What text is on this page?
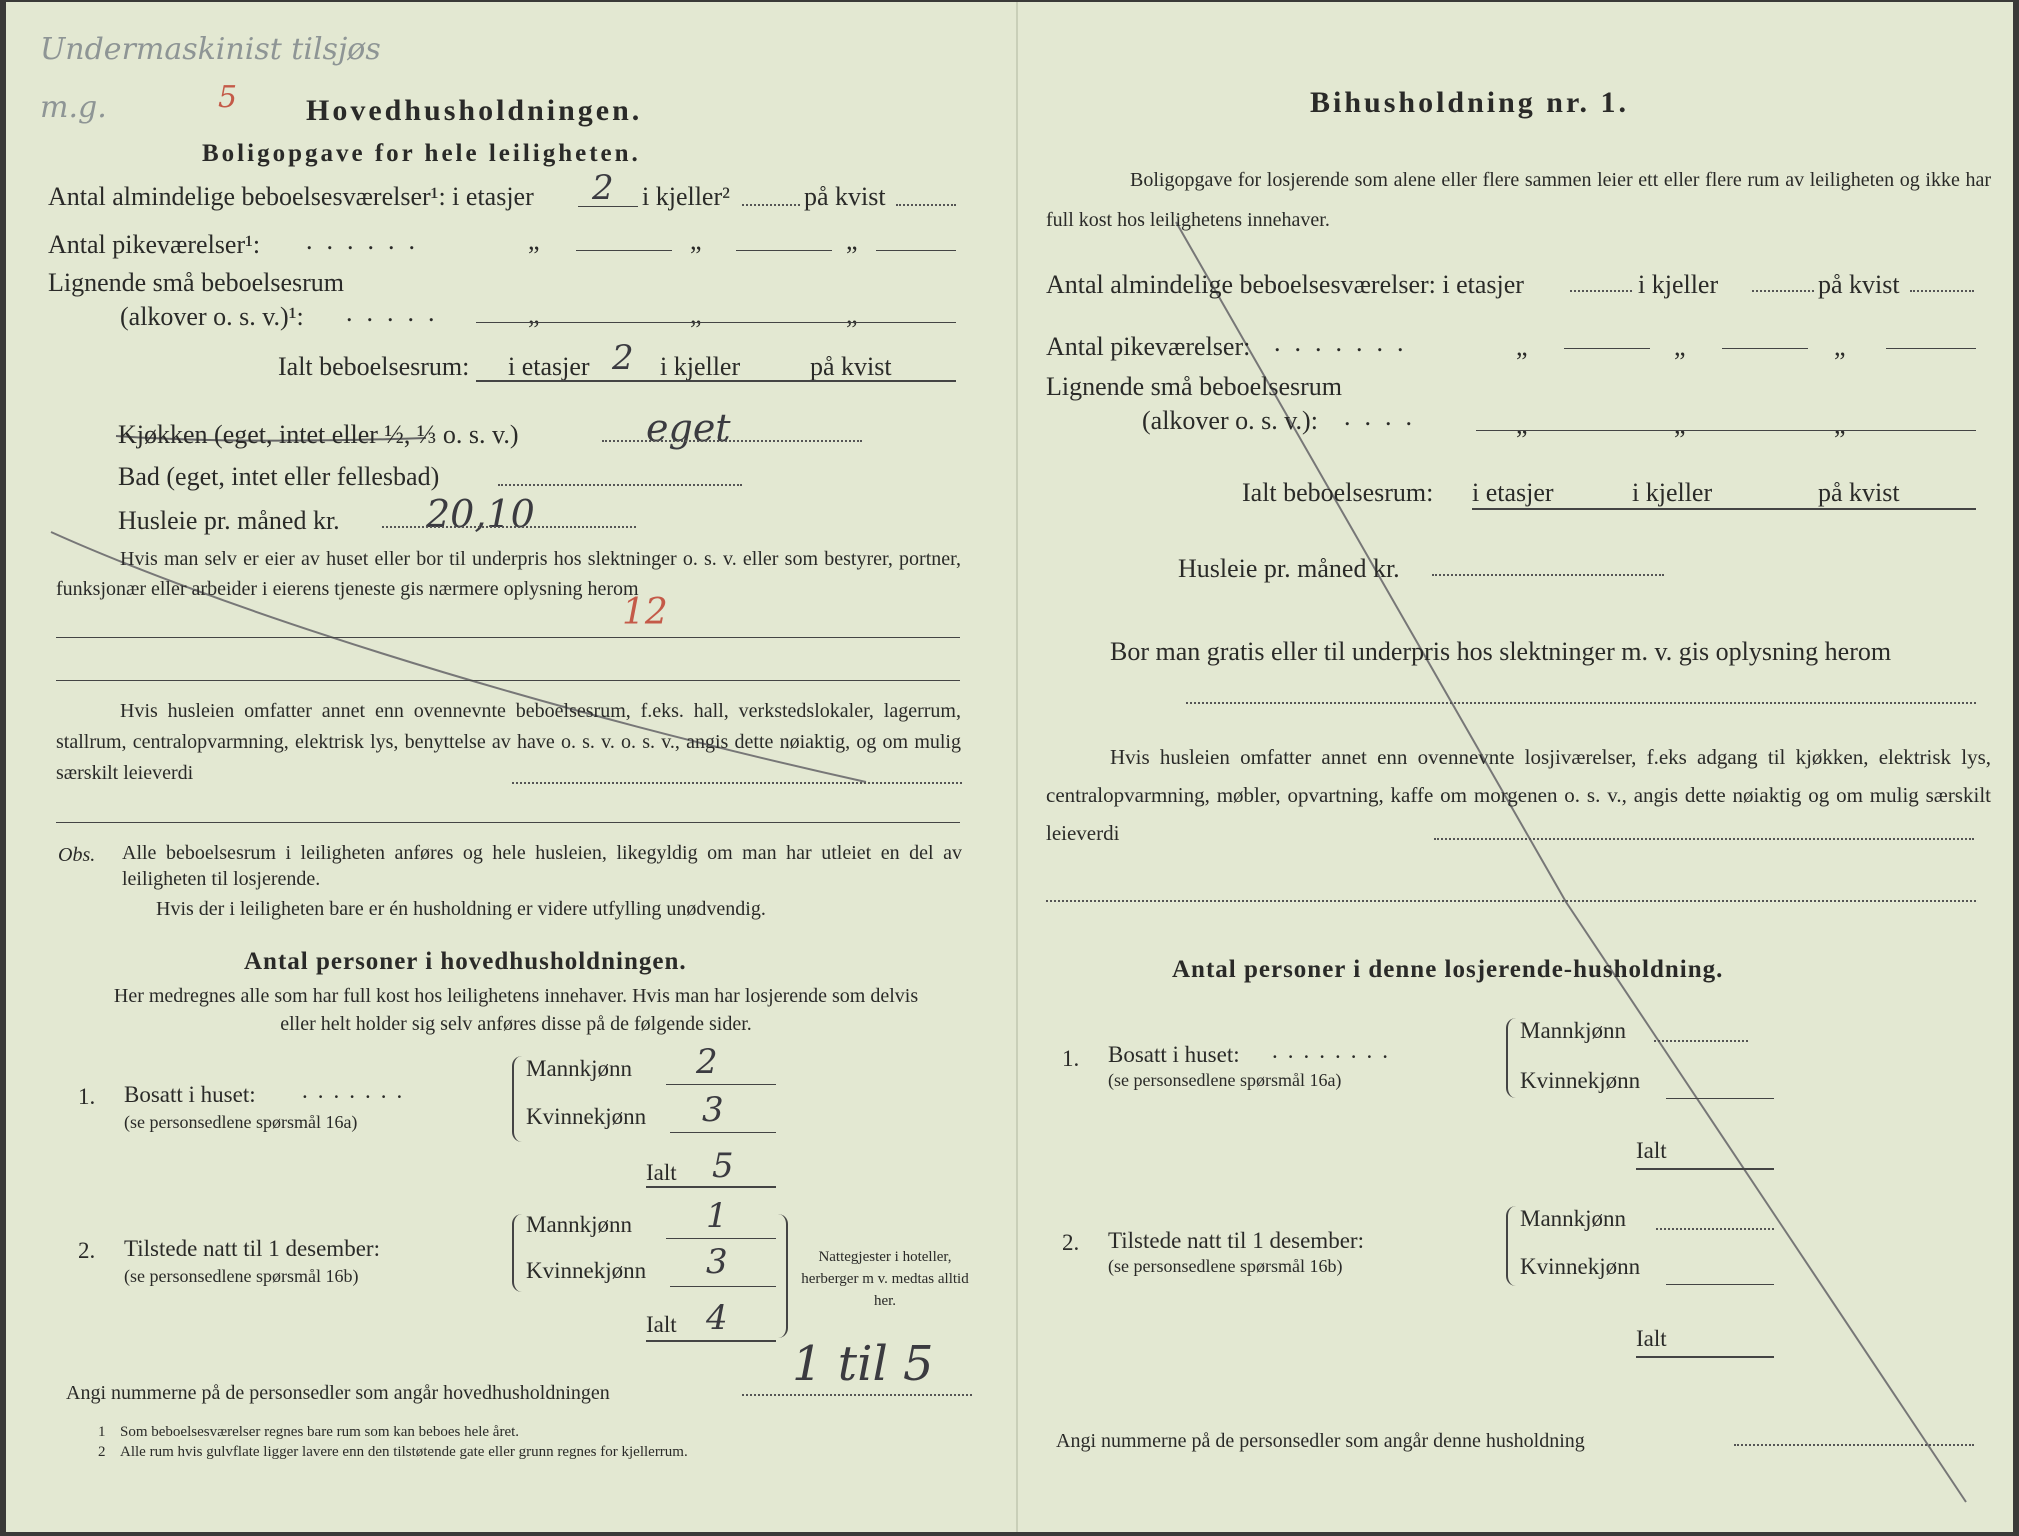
Undermaskinist tilsjøs
m.g.	5 Hovedhusholdningen.
Boligopgave for hele leiligheten.
Antal almindelige beboelsesværelser¹: i etasjer 2 i kjeller²	på kvist
Antal pikeværelser¹: ......	„	„	„
Lignende små beboelsesrum
(alkover o. s. v.)¹: .....	„	„	„
Ialt beboelsesrum: i etasjer 2 i kjeller	på kvist
Kjøkken (eget, intet eller ½, ⅓ o. s. v.)	eget
Bad (eget, intet eller fellesbad)
Husleie pr. måned kr. 20,10
Hvis man selv er eier av huset eller bor til underpris hos slektninger o. s. v. eller som bestyrer, portner, funksjonær eller arbeider i eierens tjeneste gis nærmere oplysning herom
12
Hvis husleien omfatter annet enn ovennevnte beboelsesrum, f.eks. hall, verkstedslokaler, lagerrum, stallrum, centralopvarmning, elektrisk lys, benyttelse av have o. s. v. o. s. v., angis dette nøiaktig, og om mulig særskilt leieverdi
Obs. Alle beboelsesrum i leiligheten anføres og hele husleien, likegyldig om man har utleiet en del av leiligheten til losjerende.
Hvis der i leiligheten bare er én husholdning er videre utfylling unødvendig.
Antal personer i hovedhusholdningen.
Her medregnes alle som har full kost hos leilighetens innehaver. Hvis man har losjerende som delvis eller helt holder sig selv anføres disse på de følgende sider.
1. Bosatt i huset: .......
(se personsedlene spørsmål 16a)
Mannkjønn 2
Kvinnekjønn 3
Ialt 5
2. Tilstede natt til 1 desember:
(se personsedlene spørsmål 16b)
Mannkjønn 1
Kvinnekjønn 3
Ialt 4
Nattegjester i hoteller, herberger m v. medtas alltid her.
Angi nummerne på de personsedler som angår hovedhusholdningen
1 til 5
1 Som beboelsesværelser regnes bare rum som kan beboes hele året.
2 Alle rum hvis gulvflate ligger lavere enn den tilstøtende gate eller grunn regnes for kjellerrum.
Bihusholdning nr. 1.
Boligopgave for losjerende som alene eller flere sammen leier ett eller flere rum av leiligheten og ikke har full kost hos leilighetens innehaver.
Antal almindelige beboelsesværelser: i etasjer	i kjeller	på kvist
Antal pikeværelser: .......	„	„	„
Lignende små beboelsesrum
(alkover o. s. v.): ....	„	„	„
Ialt beboelsesrum: i etasjer	i kjeller	på kvist
Husleie pr. måned kr.
Bor man gratis eller til underpris hos slektninger m. v. gis oplysning herom
Hvis husleien omfatter annet enn ovennevnte losjiværelser, f.eks adgang til kjøkken, elektrisk lys, centralopvarmning, møbler, opvartning, kaffe om morgenen o. s. v., angis dette nøiaktig og om mulig særskilt leieverdi
Antal personer i denne losjerende-husholdning.
1. Bosatt i huset: ........
(se personsedlene spørsmål 16a)
Mannkjønn
Kvinnekjønn
Ialt
2. Tilstede natt til 1 desember:
(se personsedlene spørsmål 16b)
Mannkjønn
Kvinnekjønn
Ialt
Angi nummerne på de personsedler som angår denne husholdning
